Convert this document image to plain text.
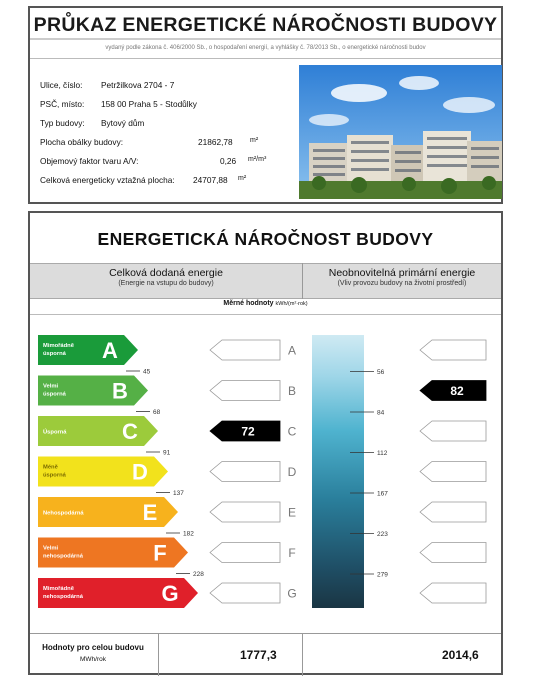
PRŮKAZ ENERGETICKÉ NÁROČNOSTI BUDOVY
vydaný podle zákona č. 406/2000 Sb., o hospodaření energií, a vyhlášky č. 78/2013 Sb., o energetické náročnosti budov
Ulice, číslo: Petržilkova 2704 - 7
PSČ, místo: 158 00 Praha 5 - Stodůlky
Typ budovy: Bytový dům
Plocha obálky budovy:	21862,78 m²
Objemový faktor tvaru A/V:	0,26 m²/m³
Celková energeticky vztažná plocha: 24707,88 m²
ENERGETICKÁ NÁROČNOST BUDOVY
Celková dodaná energie
(Energie na vstupu do budovy)
Neobnovitelná primární energie
(Vliv provozu budovy na životní prostředí)
Měrné hodnoty kWh/(m²·rok)
Mimořádně
úsporná A
45
A
Velmi
úsporná B
68
B	82
Úsporná	C
91
72	C
Méně
úsporná	D
137
D
Nehospodárná	E
182
E
Velmi
nehospodárná	F
228
F
Mimořádně
nehospodárná	G	G
56
84
112
167
223
279
Hodnoty pro celou budovu
MWh/rok	1777,3	2014,6
